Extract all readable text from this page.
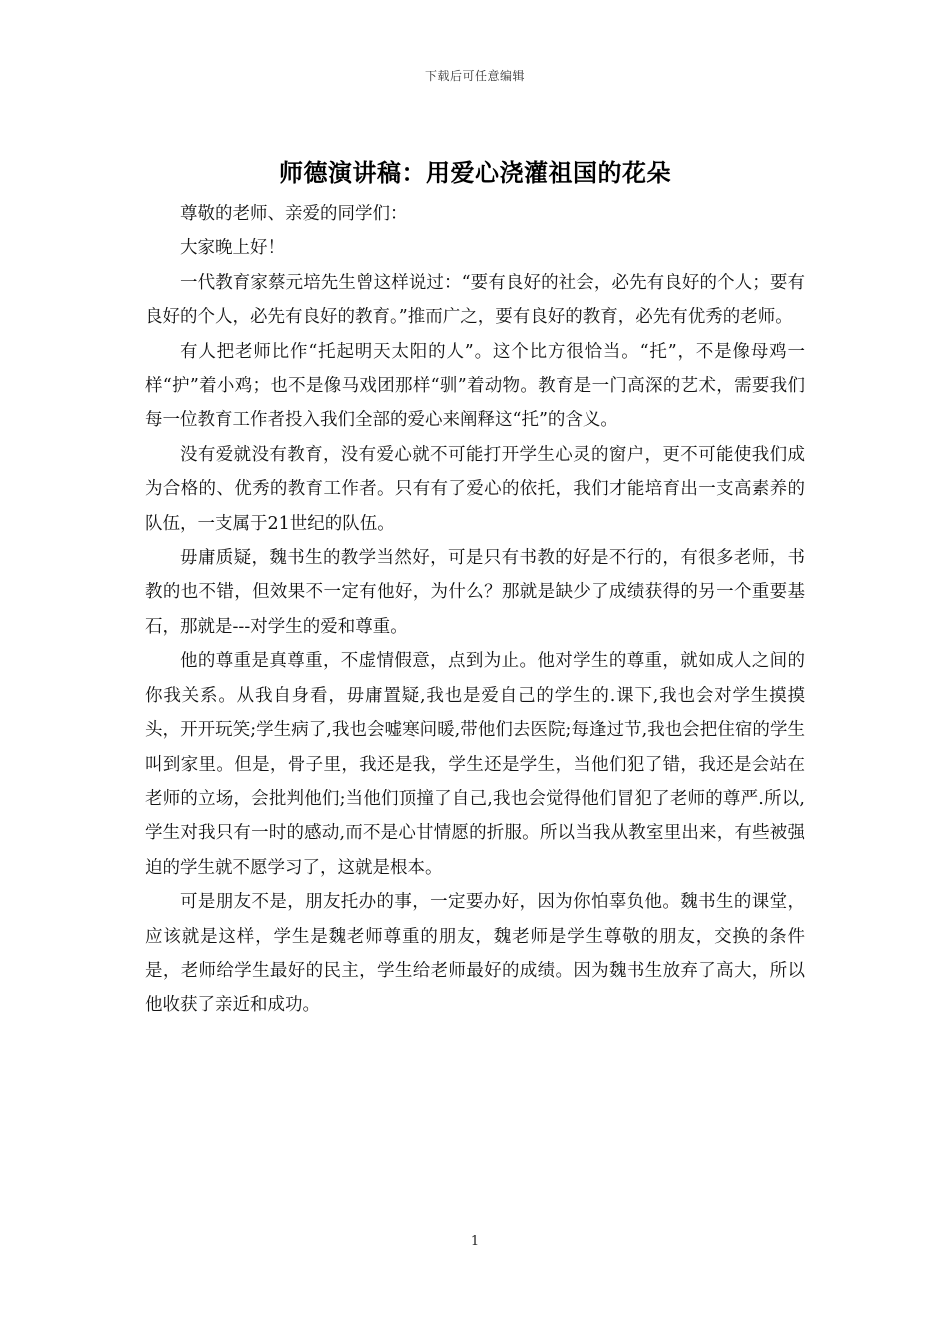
下载后可任意编辑
师德演讲稿：用爱心浇灌祖国的花朵

尊敬的老师、亲爱的同学们：

大家晚上好！

一代教育家蔡元培先生曾这样说过：“要有良好的社会，必先有良好的个人；要有良好的个人，必先有良好的教育。”推而广之，要有良好的教育，必先有优秀的老师。

有人把老师比作“托起明天太阳的人”。这个比方很恰当。“托”，不是像母鸡一样“护”着小鸡；也不是像马戏团那样“驯”着动物。教育是一门高深的艺术，需要我们每一位教育工作者投入我们全部的爱心来阐释这“托”的含义。

没有爱就没有教育，没有爱心就不可能打开学生心灵的窗户，更不可能使我们成为合格的、优秀的教育工作者。只有有了爱心的依托，我们才能培育出一支高素养的队伍，一支属于21世纪的队伍。

毋庸质疑，魏书生的教学当然好，可是只有书教的好是不行的，有很多老师，书教的也不错，但效果不一定有他好，为什么？那就是缺少了成绩获得的另一个重要基石，那就是---对学生的爱和尊重。

他的尊重是真尊重，不虚情假意，点到为止。他对学生的尊重，就如成人之间的你我关系。从我自身看，毋庸置疑,我也是爱自己的学生的.课下,我也会对学生摸摸头，开开玩笑;学生病了,我也会嘘寒问暖,带他们去医院;每逢过节,我也会把住宿的学生叫到家里。但是，骨子里，我还是我，学生还是学生，当他们犯了错，我还是会站在老师的立场，会批判他们;当他们顶撞了自己,我也会觉得他们冒犯了老师的尊严.所以,学生对我只有一时的感动,而不是心甘情愿的折服。所以当我从教室里出来，有些被强迫的学生就不愿学习了，这就是根本。

可是朋友不是，朋友托办的事，一定要办好，因为你怕辜负他。魏书生的课堂，应该就是这样，学生是魏老师尊重的朋友，魏老师是学生尊敬的朋友，交换的条件是，老师给学生最好的民主，学生给老师最好的成绩。因为魏书生放弃了高大，所以他收获了亲近和成功。

1
